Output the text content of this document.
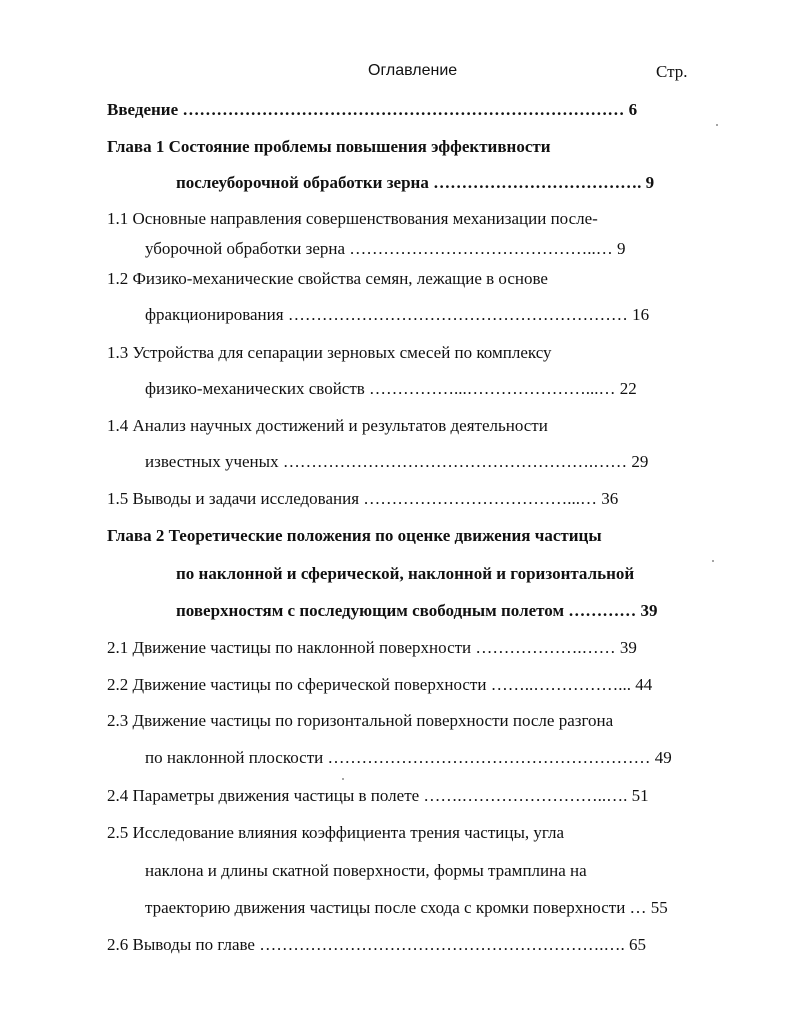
Оглавление	Стр.
Введение …………………………………………………………………… 6
Глава 1 Состояние проблемы повышения эффективности
послеуборочной обработки зерна ………………………………. 9
1.1 Основные направления совершенствования механизации после-
уборочной обработки зерна ……………………………………..… 9
1.2 Физико-механические свойства семян, лежащие в основе
фракционирования …………………………………………………… 16
1.3 Устройства для сепарации зерновых смесей по комплексу
физико-механических свойств ……………...…………………...… 22
1.4 Анализ научных достижений и результатов деятельности
известных ученых ……………………………………………….…… 29
1.5 Выводы и задачи исследования ………………………………...… 36
Глава 2 Теоретические положения по оценке движения частицы
по наклонной и сферической, наклонной и горизонтальной
поверхностям с последующим свободным полетом ………… 39
2.1 Движение частицы по наклонной поверхности ……………….…… 39
2.2 Движение частицы по сферической поверхности ……..……………... 44
2.3 Движение частицы по горизонтальной поверхности после разгона
по наклонной плоскости ………………………………………………… 49
2.4 Параметры движения частицы в полете …….……………………..…. 51
2.5 Исследование влияния коэффициента трения частицы, угла
наклона и длины скатной поверхности, формы трамплина на
траекторию движения частицы после схода с кромки поверхности … 55
2.6 Выводы по главе …………………………………………………….…. 65
